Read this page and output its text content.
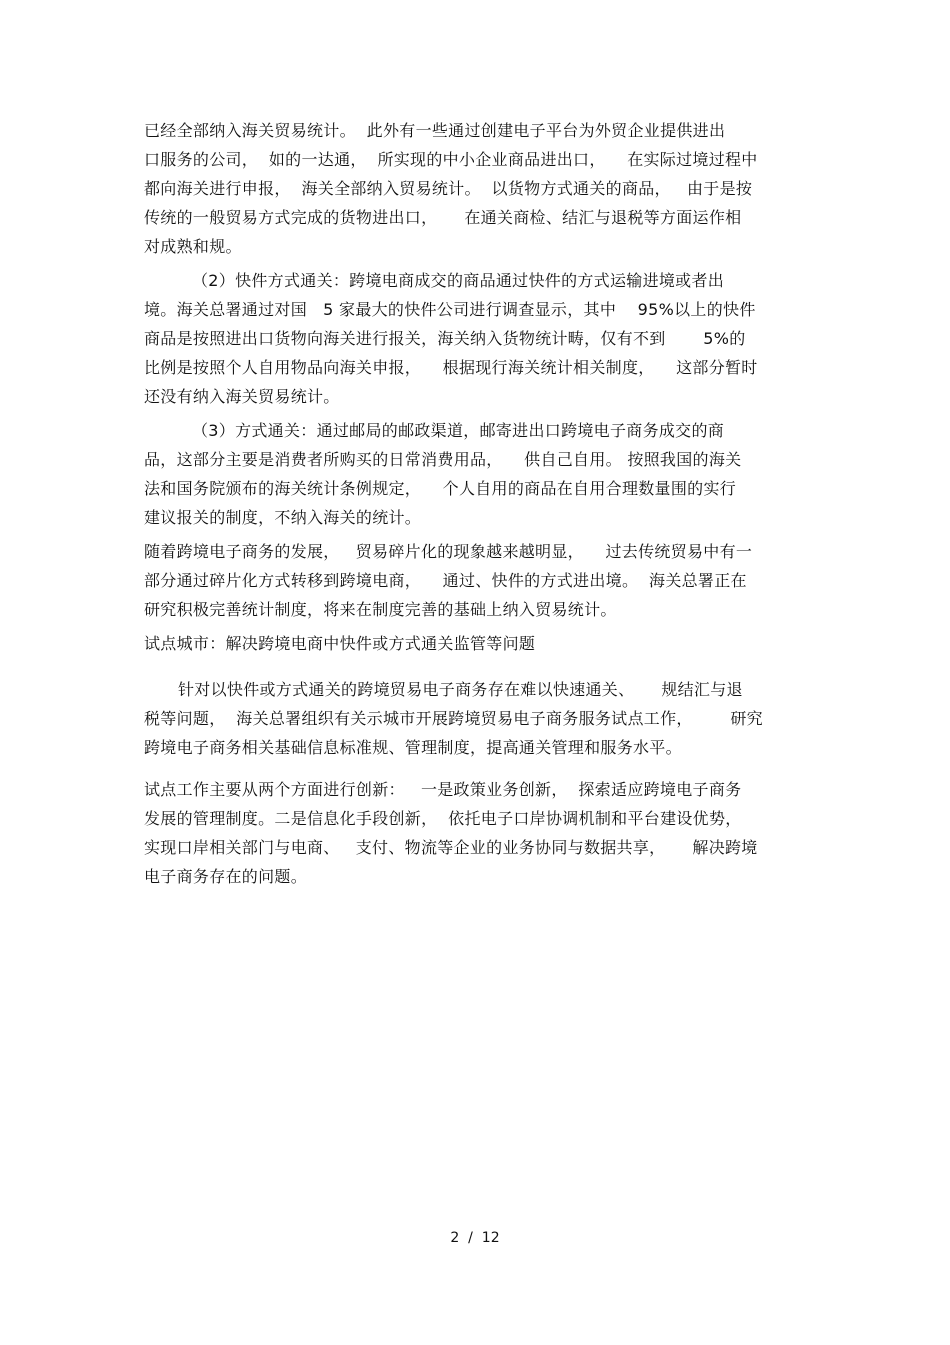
已经全部纳入海关贸易统计。  此外有一些通过创建电子平台为外贸企业提供进出
口服务的公司，  如的一达通，  所实现的中小企业商品进出口，    在实际过境过程中
都向海关进行申报，  海关全部纳入贸易统计。  以货物方式通关的商品，   由于是按
传统的一般贸易方式完成的货物进出口，     在通关商检、结汇与退税等方面运作相
对成熟和规。
（2）快件方式通关：跨境电商成交的商品通过快件的方式运输进境或者出
境。海关总署通过对国   5 家最大的快件公司进行调查显示，其中    95%以上的快件
商品是按照进出口货物向海关进行报关，海关纳入货物统计畴，仅有不到       5%的
比例是按照个人自用物品向海关申报，    根据现行海关统计相关制度，    这部分暂时
还没有纳入海关贸易统计。
（3）方式通关：通过邮局的邮政渠道，邮寄进出口跨境电子商务成交的商
品，这部分主要是消费者所购买的日常消费用品，    供自己自用。 按照我国的海关
法和国务院颁布的海关统计条例规定，    个人自用的商品在自用合理数量围的实行
建议报关的制度，不纳入海关的统计。
随着跨境电子商务的发展，   贸易碎片化的现象越来越明显，    过去传统贸易中有一
部分通过碎片化方式转移到跨境电商，    通过、快件的方式进出境。  海关总署正在
研究积极完善统计制度，将来在制度完善的基础上纳入贸易统计。
试点城市：解决跨境电商中快件或方式通关监管等问题
针对以快件或方式通关的跨境贸易电子商务存在难以快速通关、     规结汇与退
税等问题，  海关总署组织有关示城市开展跨境贸易电子商务服务试点工作，       研究
跨境电子商务相关基础信息标准规、管理制度，提高通关管理和服务水平。
试点工作主要从两个方面进行创新：   一是政策业务创新，  探索适应跨境电子商务
发展的管理制度。二是信息化手段创新，  依托电子口岸协调机制和平台建设优势，
实现口岸相关部门与电商、   支付、物流等企业的业务协同与数据共享，     解决跨境
电子商务存在的问题。
2  /  12
